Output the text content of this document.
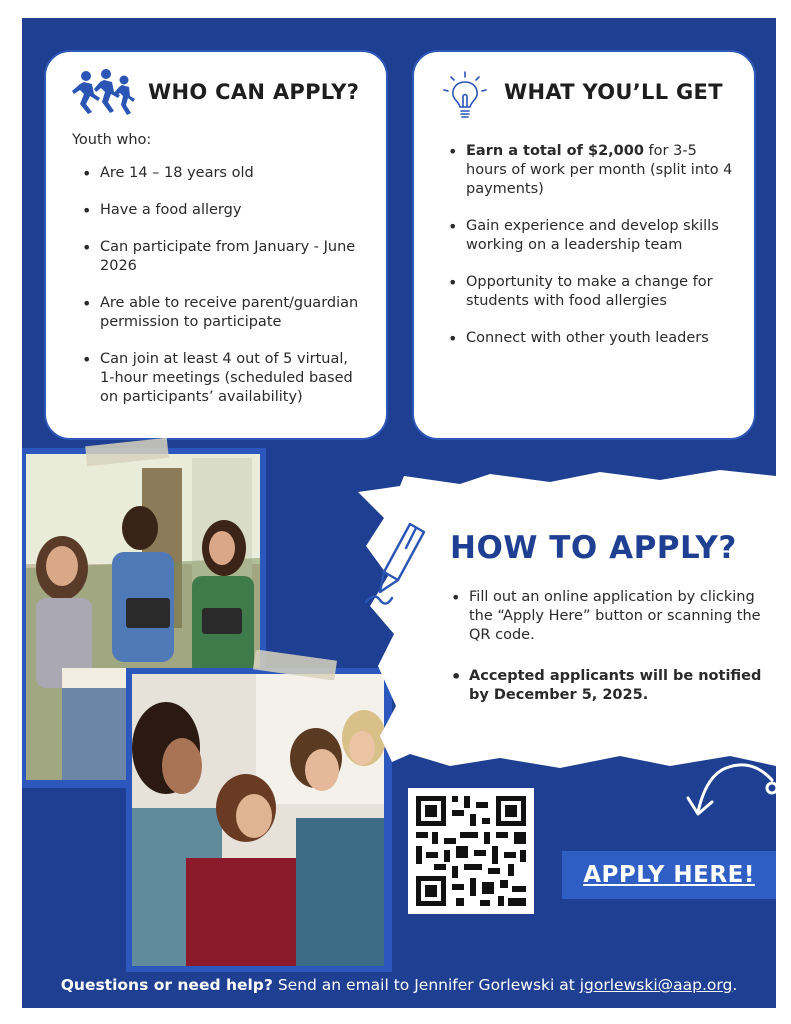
WHO CAN APPLY?
Youth who:
• Are 14 – 18 years old
• Have a food allergy
• Can participate from January - June 2026
• Are able to receive parent/guardian permission to participate
• Can join at least 4 out of 5 virtual, 1-hour meetings (scheduled based on participants’ availability)
WHAT YOU’LL GET
• Earn a total of $2,000 for 3-5 hours of work per month (split into 4 payments)
• Gain experience and develop skills working on a leadership team
• Opportunity to make a change for students with food allergies
• Connect with other youth leaders
HOW TO APPLY?
• Fill out an online application by clicking the “Apply Here” button or scanning the QR code.
• Accepted applicants will be notified by December 5, 2025.
APPLY HERE!
Questions or need help? Send an email to Jennifer Gorlewski at jgorlewski@aap.org.
